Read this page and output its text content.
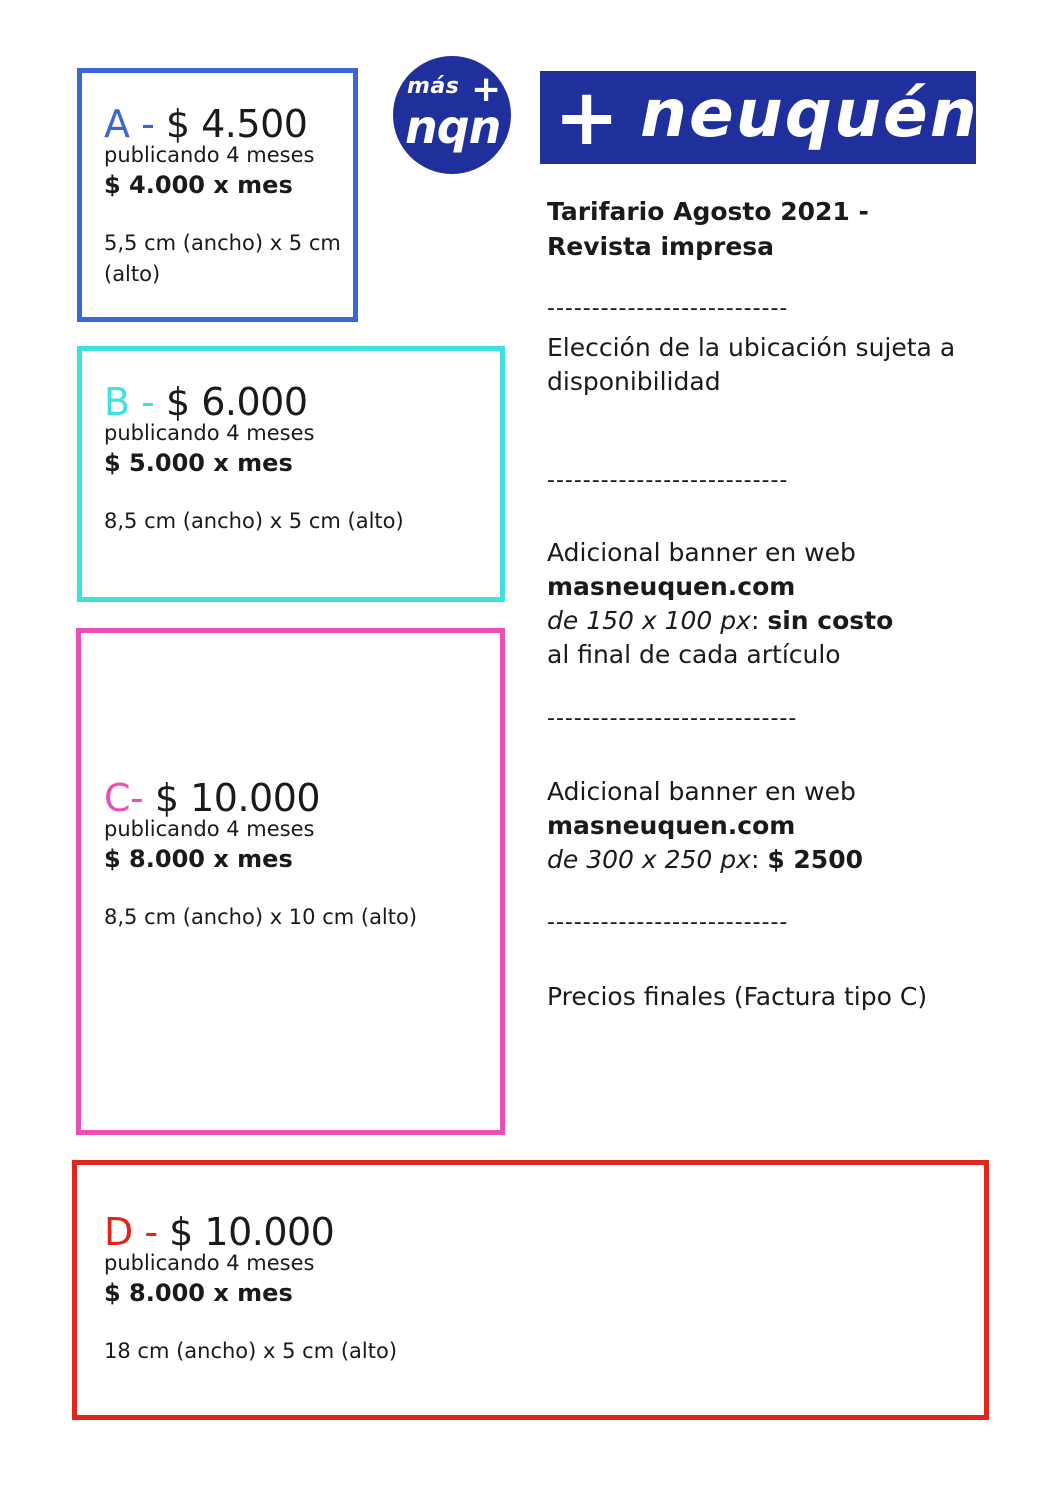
A - $ 4.500
publicando 4 meses
$ 4.000 x mes
5,5 cm (ancho) x 5 cm (alto)
B - $ 6.000
publicando 4 meses
$ 5.000 x mes
8,5 cm (ancho) x 5 cm (alto)
C- $ 10.000
publicando 4 meses
$ 8.000 x mes
8,5 cm (ancho) x 10 cm (alto)
D - $ 10.000
publicando 4 meses
$ 8.000 x mes
18 cm (ancho) x 5 cm (alto)
más +
nqn + neuquén
Tarifario Agosto 2021 - Revista impresa
---------------------------
Elección de la ubicación sujeta a disponibilidad
---------------------------
Adicional banner en web
masneuquen.com
de 150 x 100 px: sin costo
al final de cada artículo
----------------------------
Adicional banner en web
masneuquen.com
de 300 x 250 px: $ 2500
---------------------------
Precios finales (Factura tipo C)
